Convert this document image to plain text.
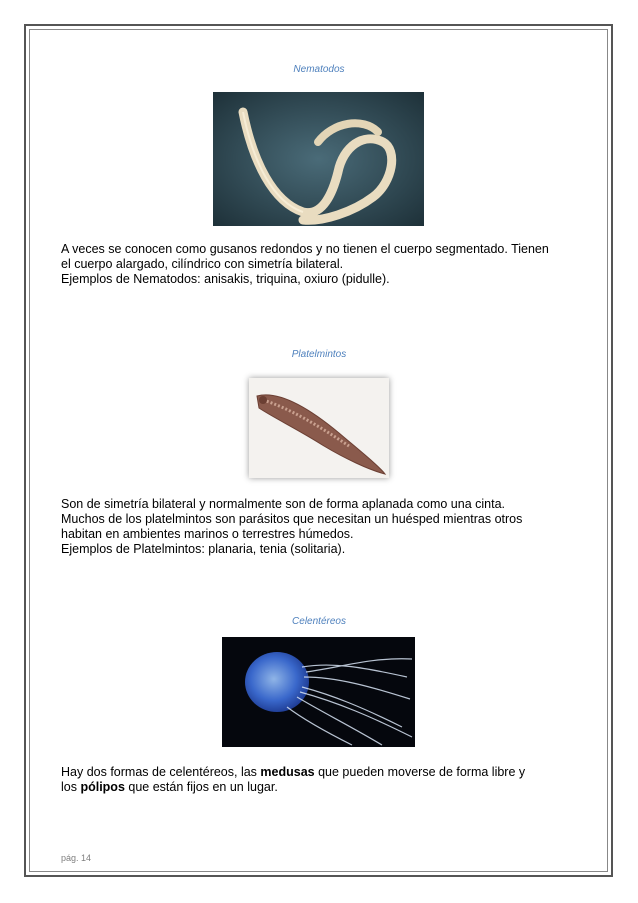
Nematodos

A veces se conocen como gusanos redondos y no tienen el cuerpo segmentado. Tienen

el cuerpo alargado, cilíndrico con simetría bilateral.

Ejemplos de Nematodos: anisakis, triquina, oxiuro (pidulle).

Platelmintos

Son de simetría bilateral y normalmente son de forma aplanada como una cinta.

Muchos de los platelmintos son parásitos que necesitan un huésped mientras otros

habitan en ambientes marinos o terrestres húmedos.

Ejemplos de Platelmintos: planaria, tenia (solitaria).

Celentéreos

Hay dos formas de celentéreos, las medusas que pueden moverse de forma libre y

los pólipos que están fijos en un lugar.

pág. 14
